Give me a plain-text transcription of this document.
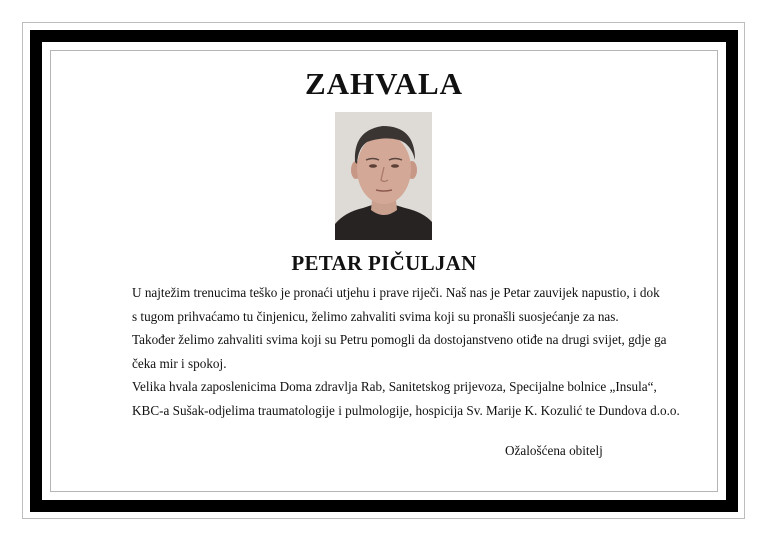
ZAHVALA
PETAR PIČULJAN
U najtežim trenucima teško je pronaći utjehu i prave riječi. Naš nas je Petar zauvijek napustio, i dok
s tugom prihvaćamo tu činjenicu, želimo zahvaliti svima koji su pronašli suosjećanje za nas.
Također želimo zahvaliti svima koji su Petru pomogli da dostojanstveno otiđe na drugi svijet, gdje ga
čeka mir i spokoj.
Velika hvala zaposlenicima Doma zdravlja Rab, Sanitetskog prijevoza, Specijalne bolnice „Insula“,
KBC-a Sušak-odjelima traumatologije i pulmologije, hospicija Sv. Marije K. Kozulić te Dundova d.o.o.
Ožalošćena obitelj
